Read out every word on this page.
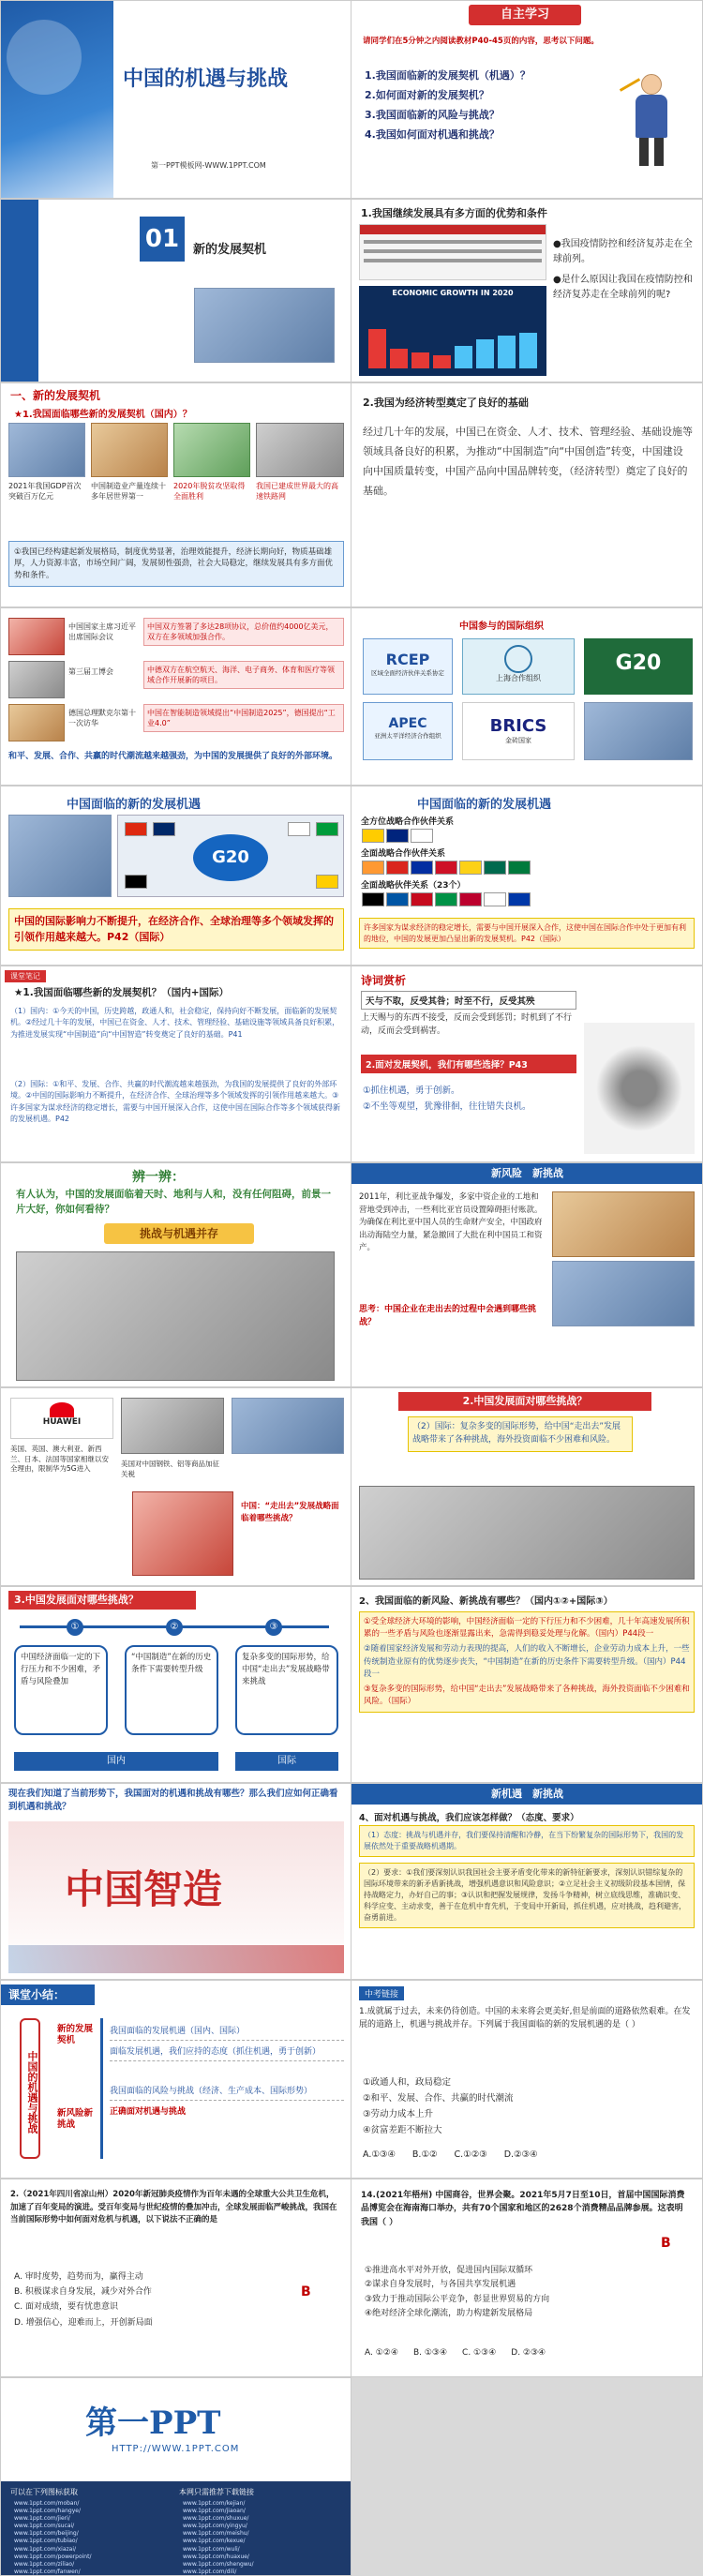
中国的机遇与挑战
第一PPT模板网-WWW.1PPT.COM
自主学习
请同学们在5分钟之内阅读教材P40-45页的内容，思考以下问题。
1.我国面临新的发展契机（机遇）？
2.如何面对新的发展契机？
3.我国面临新的风险与挑战？
4.我国如何面对机遇和挑战？
01	新的发展契机
1.我国继续发展具有多方面的优势和条件
ECONOMIC GROWTH IN 2020

●我国疫情防控和经济复苏走在全球前列。

●是什么原因让我国在疫情防控和经济复苏走在全球前列的呢?

一、新的发展契机
★1.我国面临哪些新的发展契机（国内）？
2021年我国GDP首次突破百万亿元
中国制造业产量连续十多年居世界第一
2020年脱贫攻坚取得全面胜利
我国已建成世界最大的高速铁路网

①我国已经构建起新发展格局，制度优势显著，治理效能提升，经济长期向好，物质基础雄厚，人力资源丰富，市场空间广阔，发展韧性强劲，社会大局稳定，继续发展具有多方面优势和条件。

2.我国为经济转型奠定了良好的基础
经过几十年的发展，中国已在资金、人才、技术、管理经验、基础设施等领域具备良好的积累，为推动“中国制造”向“中国创造”转变，中国建设向中国质量转变，中国产品向中国品牌转变，（经济转型）奠定了良好的基础。
中国国家主席习近平出席国际会议
第三届工博会
德国总理默克尔第十一次访华
中国双方签署了多达28项协议，总价值约4000亿美元，双方在多领域加强合作。
中德双方在航空航天、海洋、电子商务、体育和医疗等领域合作开展新的项目。
中国在智能制造领域提出“中国制造2025”，德国提出“工业4.0”
和平、发展、合作、共赢的时代潮流越来越强劲，为中国的发展提供了良好的外部环境。
中国参与的国际组织
RCEP
区域全面经济伙伴关系协定
上海合作组织
G20
APEC
亚洲太平洋经济合作组织	BRICS
金砖国家
中国面临的新的发展机遇
G20
中国的国际影响力不断提升，在经济合作、全球治理等多个领域发挥的引领作用越来越大。P42（国际）
中国面临的新的发展机遇
全方位战略合作伙伴关系
全面战略合作伙伴关系
全面战略伙伴关系（23个）
许多国家为谋求经济的稳定增长，需要与中国开展深入合作，这使中国在国际合作中处于更加有利的地位，中国的发展更加凸显出新的发展契机。P42（国际）
课堂笔记
★1.我国面临哪些新的发展契机？（国内+国际）
（1）国内：①今天的中国，历史跨越，政通人和，社会稳定，保持向好不断发展，面临新的发展契机。②经过几十年的发展，中国已在资金、人才、技术、管理经验、基础设施等领域具备良好积累，为推进发展实现“中国制造”向“中国智造”转变奠定了良好的基础。P41
（2）国际：①和平、发展、合作、共赢的时代潮流越来越强劲，为我国的发展提供了良好的外部环境。②中国的国际影响力不断提升，在经济合作、全球治理等多个领域发挥的引领作用越来越大。③许多国家为谋求经济的稳定增长，需要与中国开展深入合作，这使中国在国际合作等多个领域获得新的发展机遇。P42
诗词赏析
天与不取，反受其咎；时至不行，反受其殃
上天赐与的东西不接受，反而会受到惩罚；时机到了不行动，反而会受到祸害。
2.面对发展契机，我们有哪些选择？P43

①抓住机遇，勇于创新。

②不坐等观望，犹豫徘徊，往往错失良机。

辨一辨：
有人认为，中国的发展面临着天时、地利与人和，没有任何阻碍，前景一片大好，你如何看待？
挑战与机遇并存
新风险　新挑战
2011年，利比亚战争爆发，多家中资企业的工地和营地受到冲击，一些利比亚官员设置障碍拒付账款。为确保在利比亚中国人员的生命财产安全，中国政府出动海陆空力量，紧急撤回了大批在利中国员工和资产。
思考：中国企业在走出去的过程中会遇到哪些挑战？
HUAWEI
美国、英国、澳大利亚、新西兰、日本、法国等国家相继以安全理由，限制华为5G进入
美国对中国钢铁、铝等商品加征关税
中国：“走出去”发展战略面临着哪些挑战？
2.中国发展面对哪些挑战？
（2）国际：复杂多变的国际形势，给中国“走出去”发展战略带来了各种挑战，海外投资面临不少困难和风险。
3.中国发展面对哪些挑战？
①	②	③
中国经济面临一定的下行压力和不少困难，矛盾与风险叠加
“中国制造”在新的历史条件下需要转型升级
复杂多变的国际形势，给中国“走出去”发展战略带来挑战
国内	国际
2、我国面临的新风险、新挑战有哪些？（国内①②+国际③）

①受全球经济大环境的影响，中国经济面临一定的下行压力和不少困难，几十年高速发展所积累的一些矛盾与风险也逐渐显露出来，急需得到稳妥处理与化解。（国内）P44段一

②随着国家经济发展和劳动力表现的提高，人们的收入不断增长，企业劳动力成本上升，一些传统制造业原有的优势逐步丧失，“中国制造”在新的历史条件下需要转型升级。（国内）P44段一

③复杂多变的国际形势，给中国“走出去”发展战略带来了各种挑战，海外投资面临不少困难和风险。（国际）

现在我们知道了当前形势下，我国面对的机遇和挑战有哪些？那么我们应如何正确看到机遇和挑战？
中国智造
新机遇　新挑战
4、面对机遇与挑战，我们应该怎样做？（态度、要求）
（1）态度：挑战与机遇并存，我们要保持清醒和冷静，在当下纷繁复杂的国际形势下，我国的发展依然处于重要战略机遇期。
（2）要求：①我们要深刻认识我国社会主要矛盾变化带来的新特征新要求，深刻认识错综复杂的国际环境带来的新矛盾新挑战，增强机遇意识和风险意识；②立足社会主义初级阶段基本国情，保持战略定力，办好自己的事；③认识和把握发展规律，发扬斗争精神，树立底线思维，准确识变、科学应变、主动求变，善于在危机中育先机，于变局中开新局，抓住机遇，应对挑战，趋利避害，奋勇前进。
课堂小结：
中国的机遇与挑战
新的发展契机
新风险新挑战

我国面临的发展机遇（国内、国际）

面临发展机遇，我们应持的态度（抓住机遇，勇于创新）

我国面临的风险与挑战（经济、生产成本、国际形势）

正确面对机遇与挑战

中考链接
1.成就属于过去，未来仍待创造。中国的未来将会更美好,但是前面的道路依然艰难。在发展的道路上，机遇与挑战并存。下列属于我国面临的新的发展机遇的是（ ）

①政通人和，政局稳定

②和平、发展、合作、共赢的时代潮流

③劳动力成本上升

④贫富差距不断拉大

A.①③④ B.①② C.①②③ D.②③④
2.（2021年四川省凉山州）2020年新冠肺炎疫情作为百年未遇的全球重大公共卫生危机，加速了百年变局的演进。受百年变局与世纪疫情的叠加冲击，全球发展面临严峻挑战，我国在当前国际形势中如何面对危机与机遇，以下说法不正确的是

A. 审时度势，趋势而为，赢得主动

B. 积极谋求自身发展，减少对外合作

C. 面对成绩，要有忧患意识

D. 增强信心，迎难而上，开创新局面

B
14.(2021年梧州) 中国商谷，世界会聚。2021年5月7日至10日，首届中国国际消费品博览会在海南海口举办，共有70个国家和地区的2628个消费精品品牌参展。这表明我国（ ）

①推进高水平对外开放，促进国内国际双循环

②谋求自身发展时，与各国共享发展机遇

③致力于推动国际公平竞争，彰显世界贸易的方向

④绝对经济全球化潮流，助力构建新发展格局

A. ①②④ B. ①③④ C. ①③④ D. ②③④
B
第一PPT
HTTP://WWW.1PPT.COM
可以在下列图标获取	本网只需推荐下载链接
www.1ppt.com/moban/
www.1ppt.com/hangye/
www.1ppt.com/jieri/
www.1ppt.com/sucai/
www.1ppt.com/beijing/
www.1ppt.com/tubiao/
www.1ppt.com/xiazai/
www.1ppt.com/powerpoint/
www.1ppt.com/ziliao/
www.1ppt.com/fanwen/
www.1ppt.com/kejian/
www.1ppt.com/jiaoan/
www.1ppt.com/shuxue/
www.1ppt.com/yingyu/
www.1ppt.com/meishu/
www.1ppt.com/kexue/
www.1ppt.com/wuli/
www.1ppt.com/huaxue/
www.1ppt.com/shengwu/
www.1ppt.com/dili/
